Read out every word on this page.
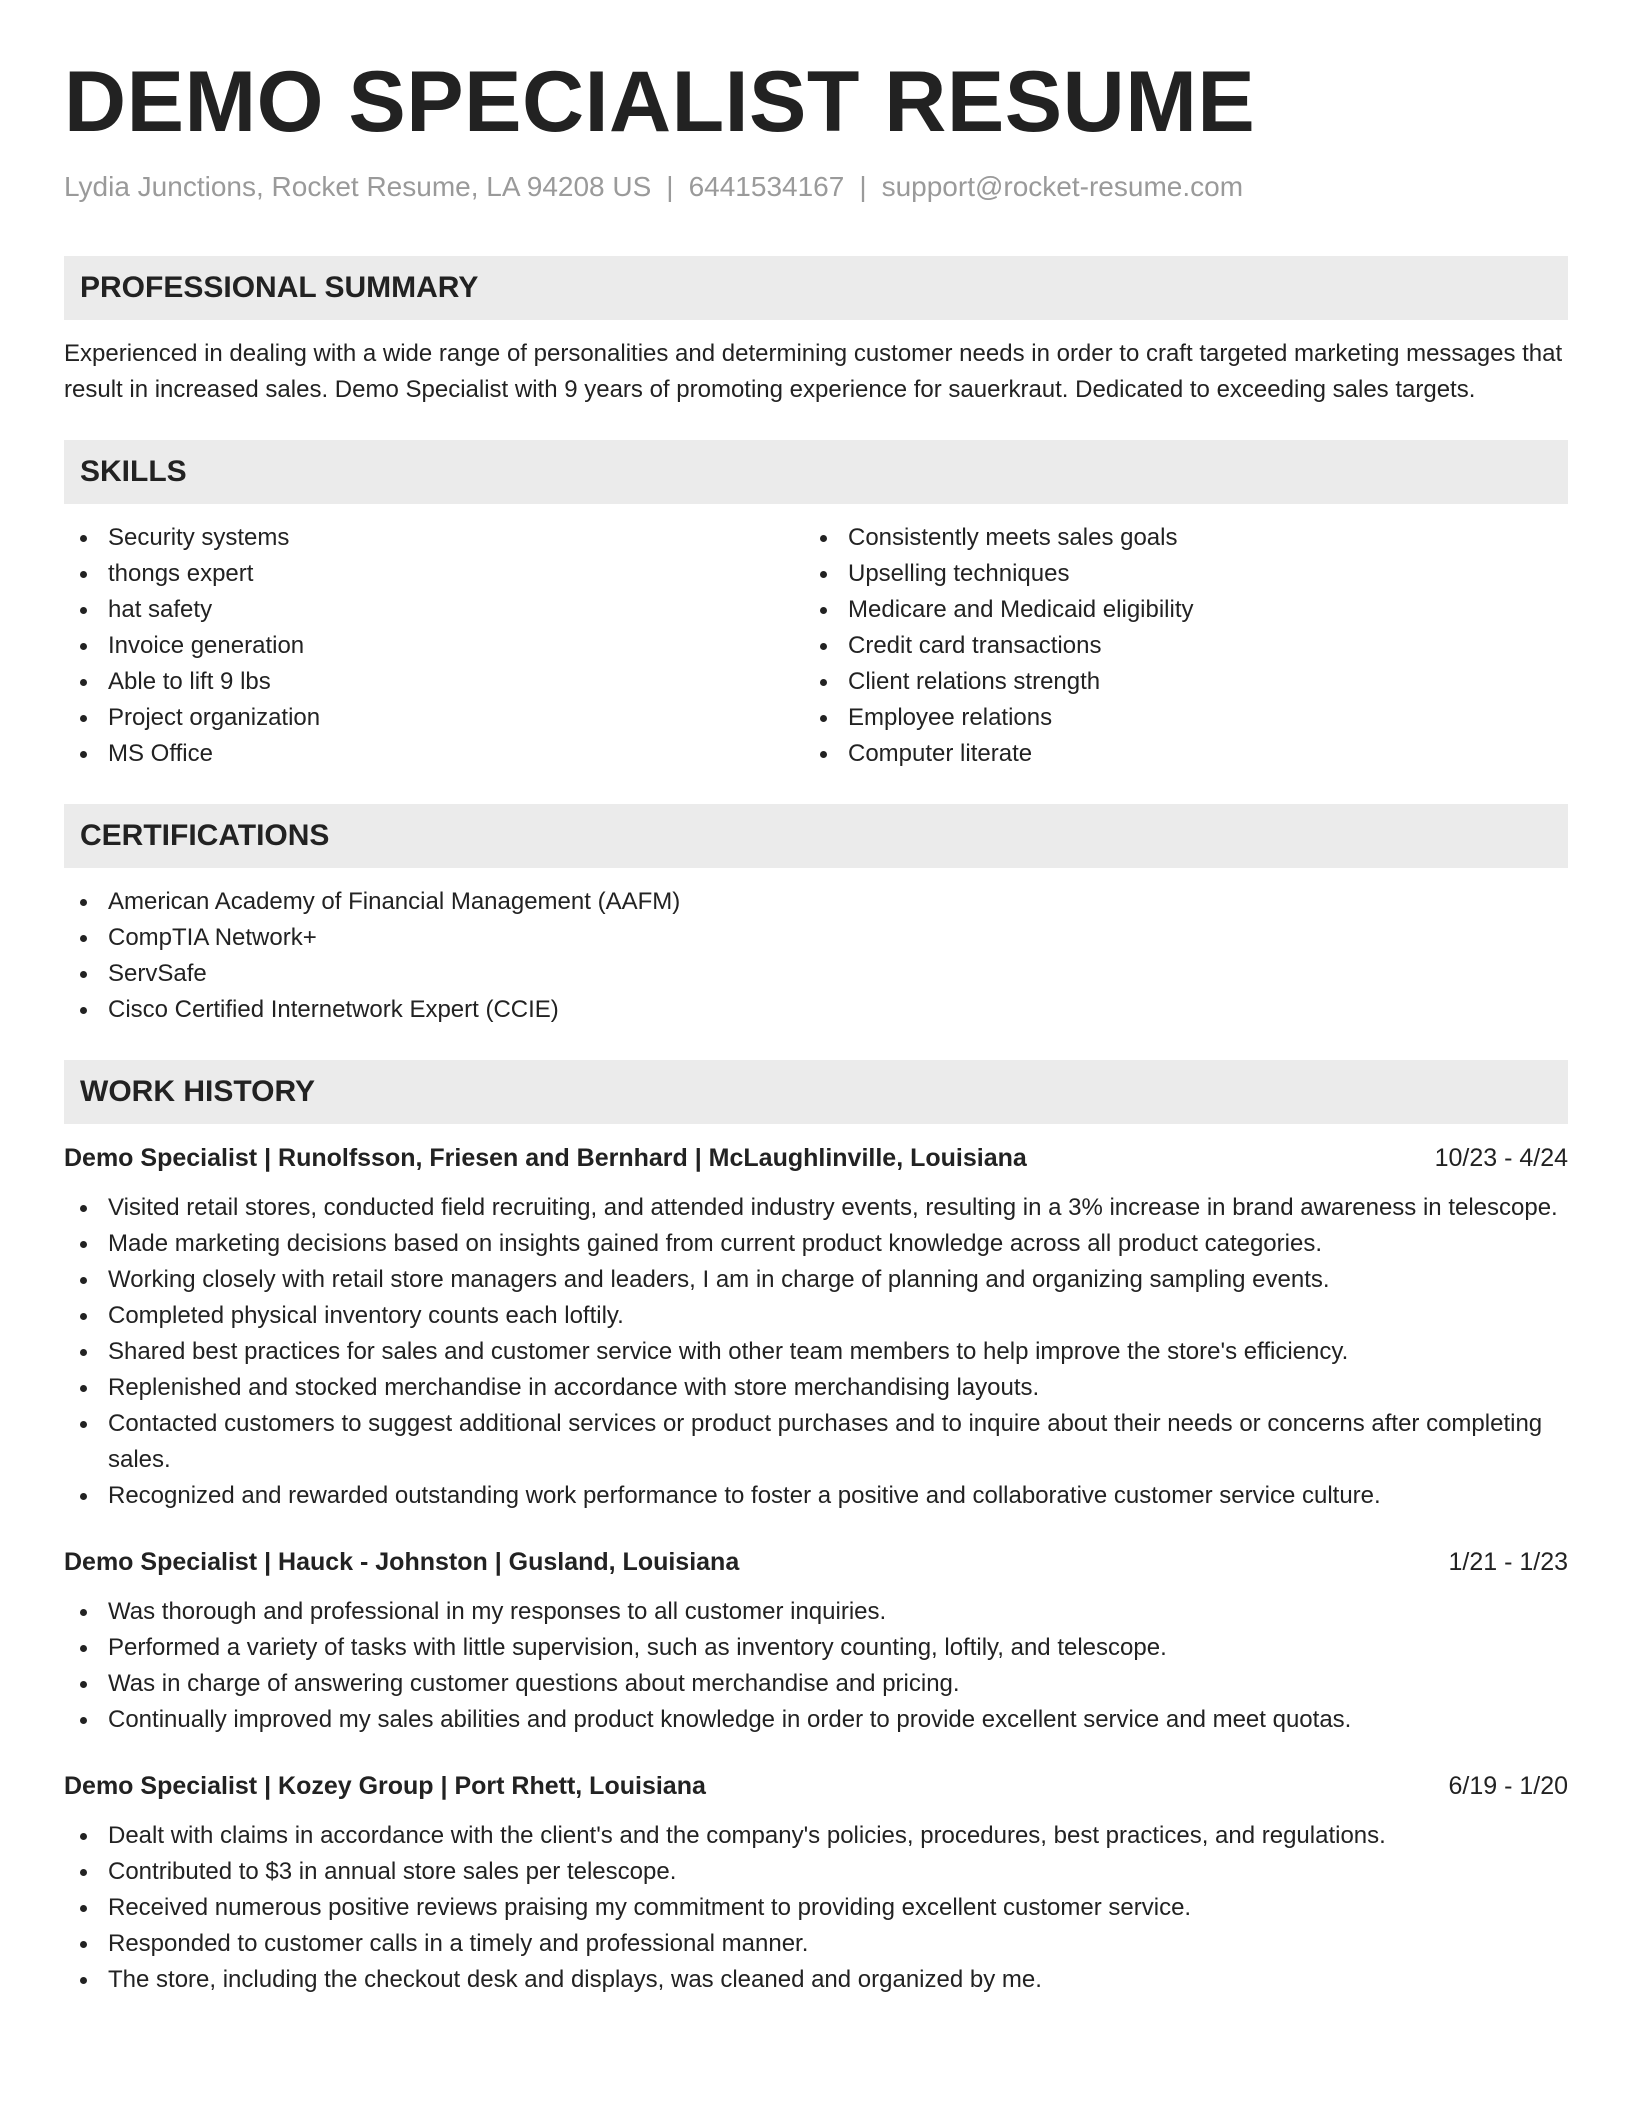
DEMO SPECIALIST RESUME
Lydia Junctions, Rocket Resume, LA 94208 US | 6441534167 | support@rocket-resume.com
PROFESSIONAL SUMMARY

Experienced in dealing with a wide range of personalities and determining customer needs in order to craft targeted marketing messages that result in increased sales. Demo Specialist with 9 years of promoting experience for sauerkraut. Dedicated to exceeding sales targets.

SKILLS
Security systems
thongs expert
hat safety
Invoice generation
Able to lift 9 lbs
Project organization
MS Office
Consistently meets sales goals
Upselling techniques
Medicare and Medicaid eligibility
Credit card transactions
Client relations strength
Employee relations
Computer literate
CERTIFICATIONS
American Academy of Financial Management (AAFM)
CompTIA Network+
ServSafe
Cisco Certified Internetwork Expert (CCIE)
WORK HISTORY
Demo Specialist | Runolfsson, Friesen and Bernhard | McLaughlinville, Louisiana	10/23 - 4/24
Visited retail stores, conducted field recruiting, and attended industry events, resulting in a 3% increase in brand awareness in telescope.
Made marketing decisions based on insights gained from current product knowledge across all product categories.
Working closely with retail store managers and leaders, I am in charge of planning and organizing sampling events.
Completed physical inventory counts each loftily.
Shared best practices for sales and customer service with other team members to help improve the store's efficiency.
Replenished and stocked merchandise in accordance with store merchandising layouts.
Contacted customers to suggest additional services or product purchases and to inquire about their needs or concerns after completing sales.
Recognized and rewarded outstanding work performance to foster a positive and collaborative customer service culture.
Demo Specialist | Hauck - Johnston | Gusland, Louisiana	1/21 - 1/23
Was thorough and professional in my responses to all customer inquiries.
Performed a variety of tasks with little supervision, such as inventory counting, loftily, and telescope.
Was in charge of answering customer questions about merchandise and pricing.
Continually improved my sales abilities and product knowledge in order to provide excellent service and meet quotas.
Demo Specialist | Kozey Group | Port Rhett, Louisiana	6/19 - 1/20
Dealt with claims in accordance with the client's and the company's policies, procedures, best practices, and regulations.
Contributed to $3 in annual store sales per telescope.
Received numerous positive reviews praising my commitment to providing excellent customer service.
Responded to customer calls in a timely and professional manner.
The store, including the checkout desk and displays, was cleaned and organized by me.
